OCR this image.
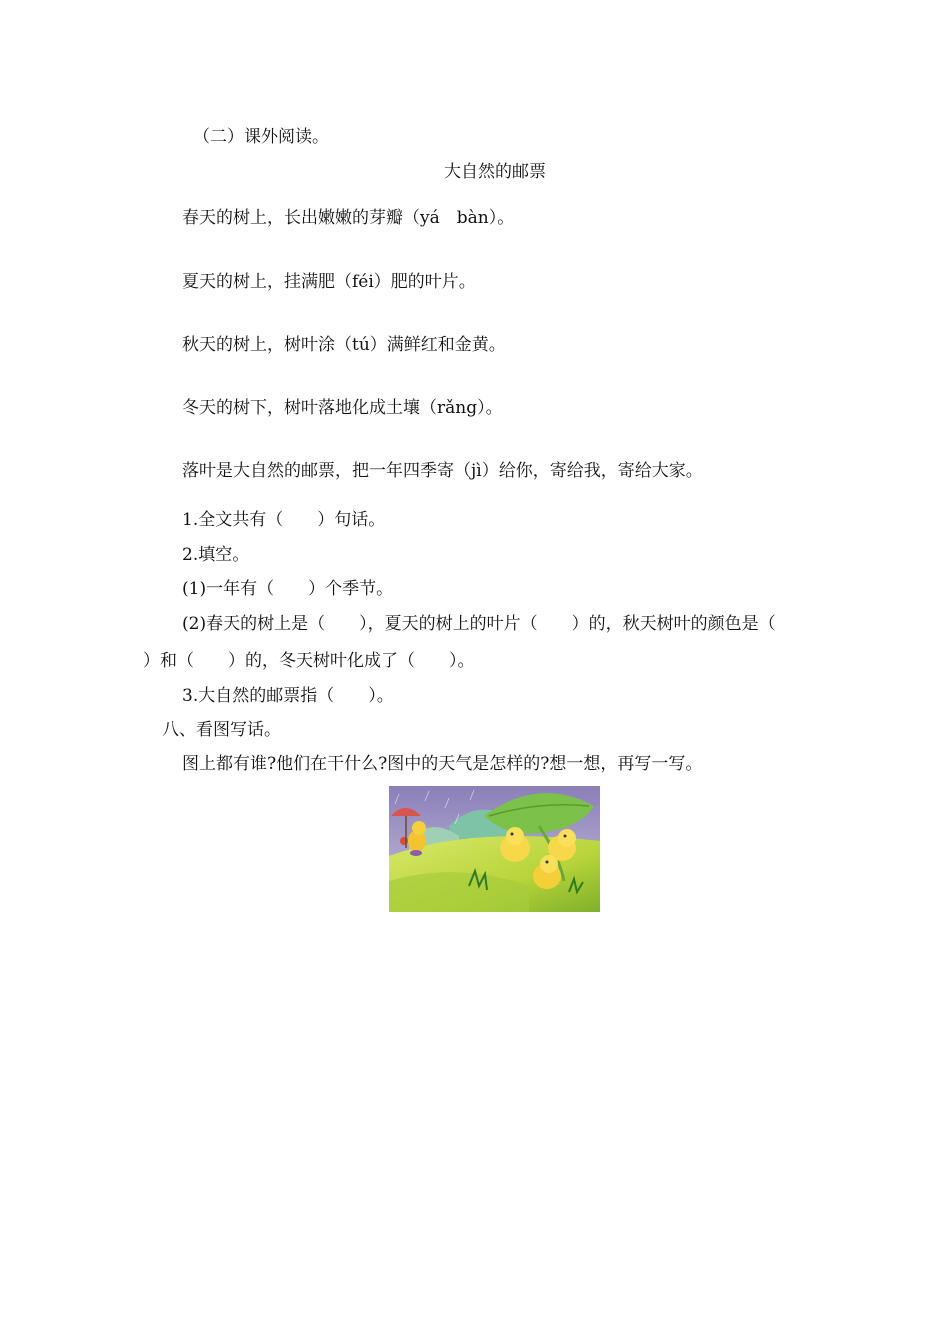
（二）课外阅读。
大自然的邮票
春天的树上，长出嫩嫩的芽瓣（yá　bàn）。
夏天的树上，挂满肥（féi）肥的叶片。
秋天的树上，树叶涂（tú）满鲜红和金黄。
冬天的树下，树叶落地化成土壤（rǎng）。
落叶是大自然的邮票，把一年四季寄（jì）给你，寄给我，寄给大家。
1.全文共有（　　）句话。
2.填空。
(1)一年有（　　）个季节。
(2)春天的树上是（　　），夏天的树上的叶片（　　）的，秋天树叶的颜色是（
）和（　　）的，冬天树叶化成了（　　）。
3.大自然的邮票指（　　）。
八、看图写话。
图上都有谁?他们在干什么?图中的天气是怎样的?想一想，再写一写。
